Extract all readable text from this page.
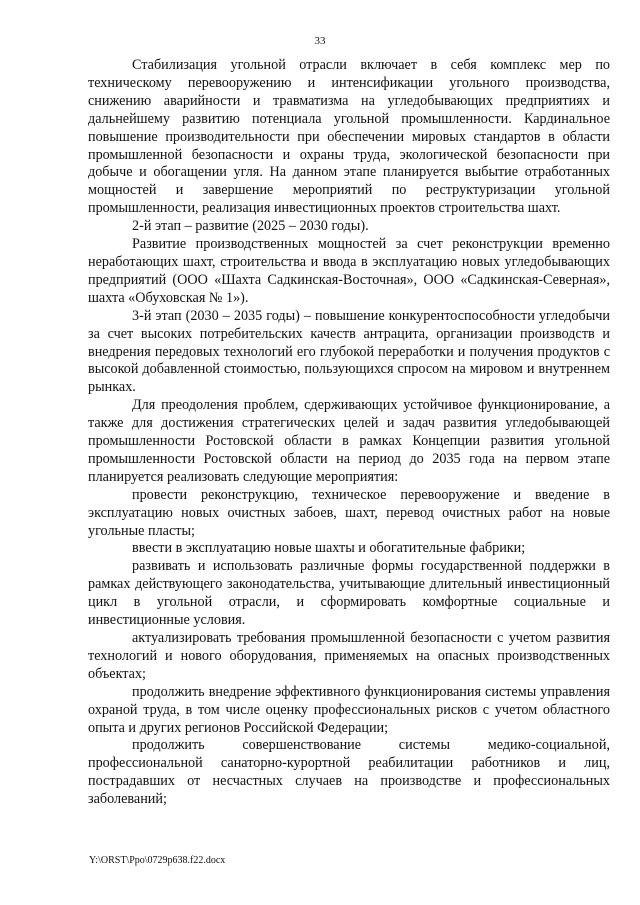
33

Стабилизация угольной отрасли включает в себя комплекс мер по техническому перевооружению и интенсификации угольного производства, снижению аварийности и травматизма на угледобывающих предприятиях и дальнейшему развитию потенциала угольной промышленности. Кардинальное повышение производительности при обеспечении мировых стандартов в области промышленной безопасности и охраны труда, экологической безопасности при добыче и обогащении угля. На данном этапе планируется выбытие отработанных мощностей и завершение мероприятий по реструктуризации угольной промышленности, реализация инвестиционных проектов строительства шахт.

2-й этап – развитие (2025 – 2030 годы).

Развитие производственных мощностей за счет реконструкции временно неработающих шахт, строительства и ввода в эксплуатацию новых угледобывающих предприятий (ООО «Шахта Садкинская-Восточная», ООО «Садкинская-Северная», шахта «Обуховская № 1»).

3-й этап (2030 – 2035 годы) – повышение конкурентоспособности угледобычи за счет высоких потребительских качеств антрацита, организации производств и внедрения передовых технологий его глубокой переработки и получения продуктов с высокой добавленной стоимостью, пользующихся спросом на мировом и внутреннем рынках.

Для преодоления проблем, сдерживающих устойчивое функционирование, а также для достижения стратегических целей и задач развития угледобывающей промышленности Ростовской области в рамках Концепции развития угольной промышленности Ростовской области на период до 2035 года на первом этапе планируется реализовать следующие мероприятия:

провести реконструкцию, техническое перевооружение и введение в эксплуатацию новых очистных забоев, шахт, перевод очистных работ на новые угольные пласты;

ввести в эксплуатацию новые шахты и обогатительные фабрики;

развивать и использовать различные формы государственной поддержки в рамках действующего законодательства, учитывающие длительный инвестиционный цикл в угольной отрасли, и сформировать комфортные социальные и инвестиционные условия.

актуализировать требования промышленной безопасности с учетом развития технологий и нового оборудования, применяемых на опасных производственных объектах;

продолжить внедрение эффективного функционирования системы управления охраной труда, в том числе оценку профессиональных рисков с учетом областного опыта и других регионов Российской Федерации;

продолжить совершенствование системы медико-социальной, профессиональной санаторно-курортной реабилитации работников и лиц, пострадавших от несчастных случаев на производстве и профессиональных заболеваний;

Y:\ORST\Ppo\0729p638.f22.docx
